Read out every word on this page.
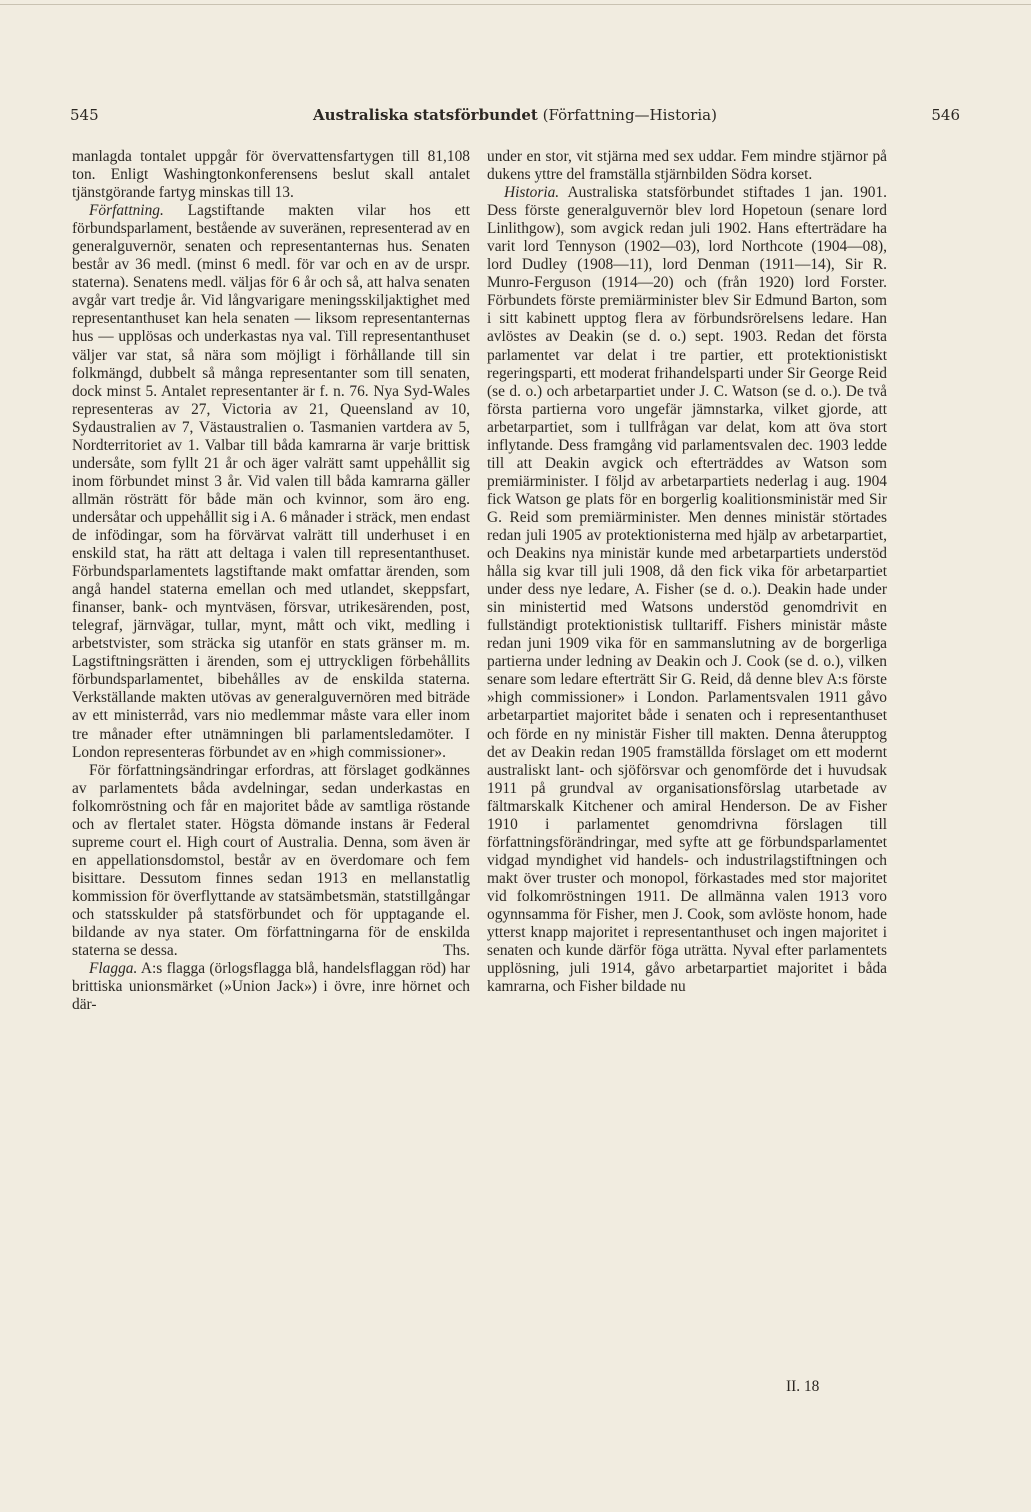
545	Australiska statsförbundet (Författning—Historia)	546

manlagda tontalet uppgår för övervattensfartygen till 81,108 ton. Enligt Washingtonkonferensens beslut skall antalet tjänstgörande fartyg minskas till 13.

Författning. Lagstiftande makten vilar hos ett förbundsparlament, bestående av suveränen, representerad av en generalguvernör, senaten och representanternas hus. Senaten består av 36 medl. (minst 6 medl. för var och en av de urspr. staterna). Senatens medl. väljas för 6 år och så, att halva senaten avgår vart tredje år. Vid långvarigare meningsskiljaktighet med representanthuset kan hela senaten — liksom representanternas hus — upplösas och underkastas nya val. Till representanthuset väljer var stat, så nära som möjligt i förhållande till sin folkmängd, dubbelt så många representanter som till senaten, dock minst 5. Antalet representanter är f. n. 76. Nya Syd-Wales representeras av 27, Victoria av 21, Queensland av 10, Sydaustralien av 7, Västaustralien o. Tasmanien vartdera av 5, Nordterritoriet av 1. Valbar till båda kamrarna är varje brittisk undersåte, som fyllt 21 år och äger valrätt samt uppehållit sig inom förbundet minst 3 år. Vid valen till båda kamrarna gäller allmän rösträtt för både män och kvinnor, som äro eng. undersåtar och uppehållit sig i A. 6 månader i sträck, men endast de infödingar, som ha förvärvat valrätt till underhuset i en enskild stat, ha rätt att deltaga i valen till representanthuset. Förbundsparlamentets lagstiftande makt omfattar ärenden, som angå handel staterna emellan och med utlandet, skeppsfart, finanser, bank- och myntväsen, försvar, utrikesärenden, post, telegraf, järnvägar, tullar, mynt, mått och vikt, medling i arbetstvister, som sträcka sig utanför en stats gränser m. m. Lagstiftningsrätten i ärenden, som ej uttryckligen förbehållits förbundsparlamentet, bibehålles av de enskilda staterna. Verkställande makten utövas av generalguvernören med biträde av ett ministerråd, vars nio medlemmar måste vara eller inom tre månader efter utnämningen bli parlamentsledamöter. I London representeras förbundet av en »high commissioner».

För författningsändringar erfordras, att förslaget godkännes av parlamentets båda avdelningar, sedan underkastas en folkomröstning och får en majoritet både av samtliga röstande och av flertalet stater. Högsta dömande instans är Federal supreme court el. High court of Australia. Denna, som även är en appellationsdomstol, består av en överdomare och fem bisittare. Dessutom finnes sedan 1913 en mellanstatlig kommission för överflyttande av statsämbetsmän, statstillgångar och statsskulder på statsförbundet och för upptagande el. bildande av nya stater. Om författningarna för de enskilda staterna se dessa.	Ths.

Flagga. A:s flagga (örlogsflagga blå, handelsflaggan röd) har brittiska unionsmärket (»Union Jack») i övre, inre hörnet och där-

under en stor, vit stjärna med sex uddar. Fem mindre stjärnor på dukens yttre del framställa stjärnbilden Södra korset.

Historia. Australiska statsförbundet stiftades 1 jan. 1901. Dess förste generalguvernör blev lord Hopetoun (senare lord Linlithgow), som avgick redan juli 1902. Hans efterträdare ha varit lord Tennyson (1902—03), lord Northcote (1904—08), lord Dudley (1908—11), lord Denman (1911—14), Sir R. Munro-Ferguson (1914—20) och (från 1920) lord Forster. Förbundets förste premiärminister blev Sir Edmund Barton, som i sitt kabinett upptog flera av förbundsrörelsens ledare. Han avlöstes av Deakin (se d. o.) sept. 1903. Redan det första parlamentet var delat i tre partier, ett protektionistiskt regeringsparti, ett moderat frihandelsparti under Sir George Reid (se d. o.) och arbetarpartiet under J. C. Watson (se d. o.). De två första partierna voro ungefär jämnstarka, vilket gjorde, att arbetarpartiet, som i tullfrågan var delat, kom att öva stort inflytande. Dess framgång vid parlamentsvalen dec. 1903 ledde till att Deakin avgick och efterträddes av Watson som premiärminister. I följd av arbetarpartiets nederlag i aug. 1904 fick Watson ge plats för en borgerlig koalitionsministär med Sir G. Reid som premiärminister. Men dennes ministär störtades redan juli 1905 av protektionisterna med hjälp av arbetarpartiet, och Deakins nya ministär kunde med arbetarpartiets understöd hålla sig kvar till juli 1908, då den fick vika för arbetarpartiet under dess nye ledare, A. Fisher (se d. o.). Deakin hade under sin ministertid med Watsons understöd genomdrivit en fullständigt protektionistisk tulltariff. Fishers ministär måste redan juni 1909 vika för en sammanslutning av de borgerliga partierna under ledning av Deakin och J. Cook (se d. o.), vilken senare som ledare efterträtt Sir G. Reid, då denne blev A:s förste »high commissioner» i London. Parlamentsvalen 1911 gåvo arbetarpartiet majoritet både i senaten och i representanthuset och förde en ny ministär Fisher till makten. Denna återupptog det av Deakin redan 1905 framställda förslaget om ett modernt australiskt lant- och sjöförsvar och genomförde det i huvudsak 1911 på grundval av organisationsförslag utarbetade av fältmarskalk Kitchener och amiral Henderson. De av Fisher 1910 i parlamentet genomdrivna förslagen till författningsförändringar, med syfte att ge förbundsparlamentet vidgad myndighet vid handels- och industrilagstiftningen och makt över truster och monopol, förkastades med stor majoritet vid folkomröstningen 1911. De allmänna valen 1913 voro ogynnsamma för Fisher, men J. Cook, som avlöste honom, hade ytterst knapp majoritet i representanthuset och ingen majoritet i senaten och kunde därför föga uträtta. Nyval efter parlamentets upplösning, juli 1914, gåvo arbetarpartiet majoritet i båda kamrarna, och Fisher bildade nu

II. 18
